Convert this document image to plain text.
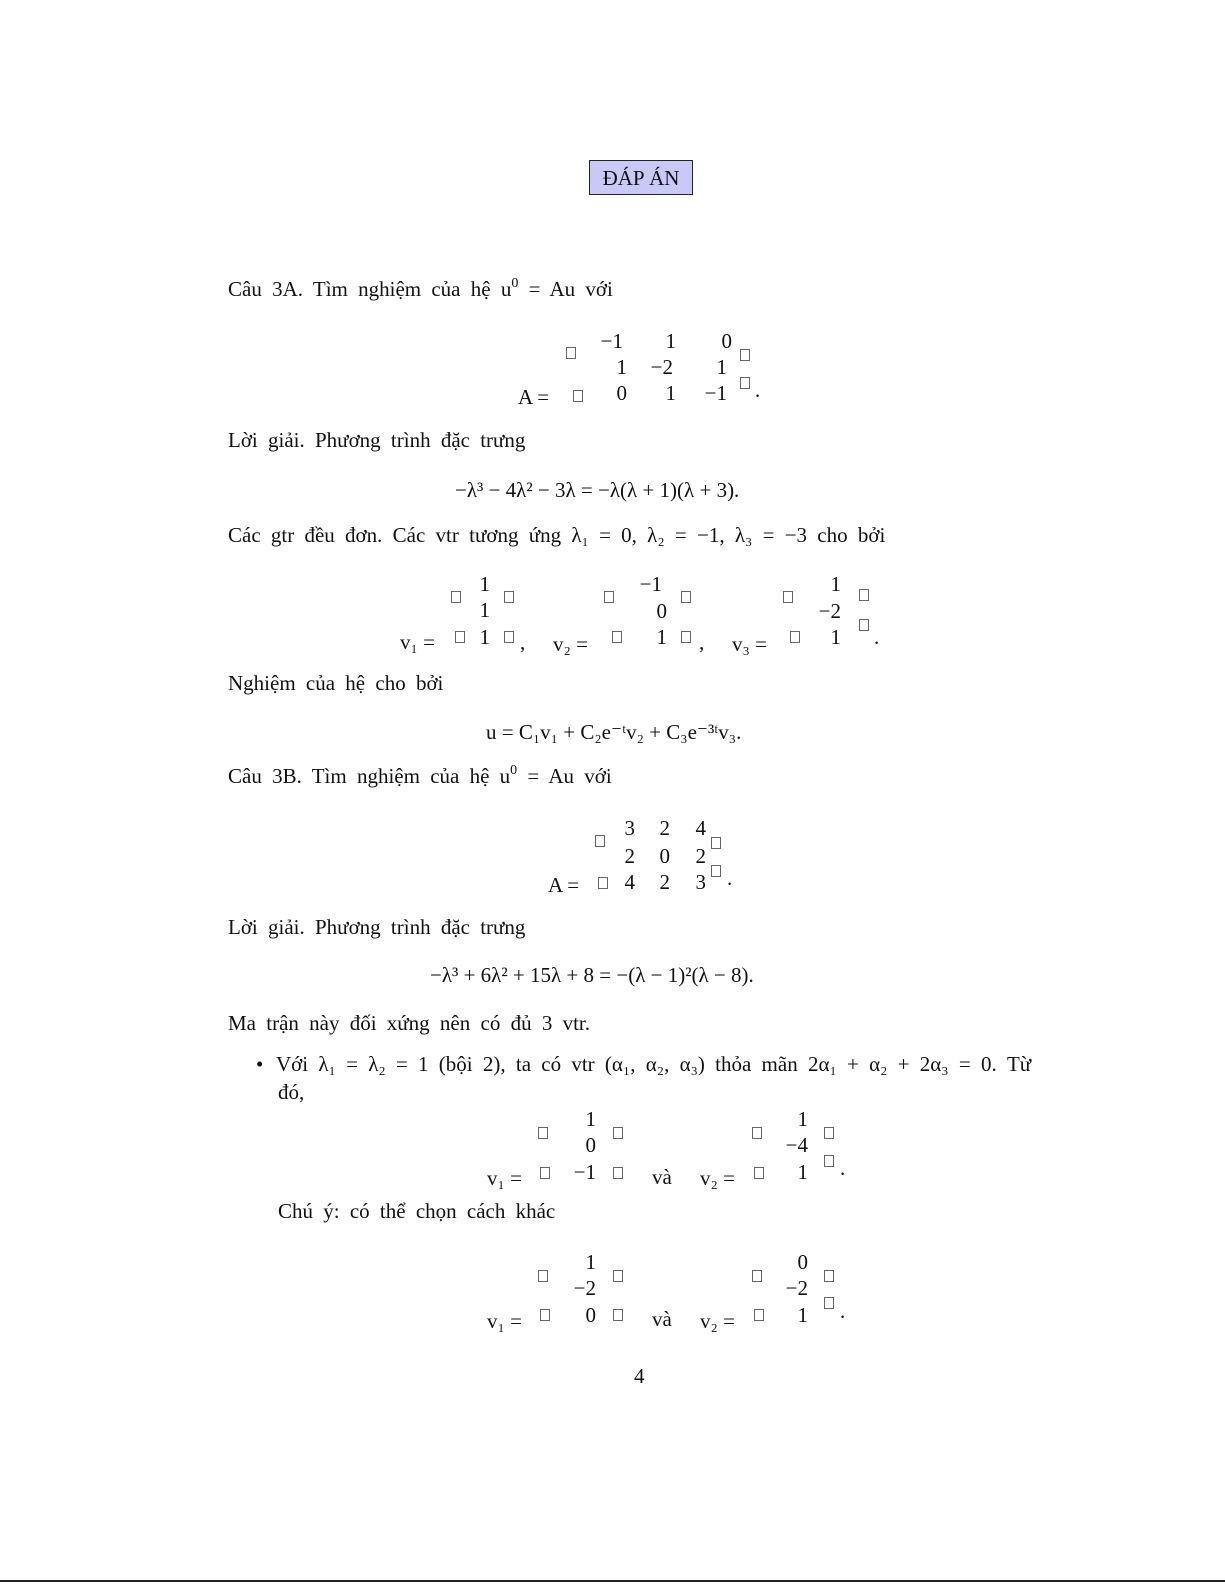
ĐÁP ÁN
Câu 3A. Tìm nghiệm của hệ $u^0 = Au$ với
A =
−1	1	0
1	−2	1
0	1	−1 .
Lời giải. Phương trình đặc trưng
−λ³ − 4λ² − 3λ = −λ(λ + 1)(λ + 3).
Các gtr đều đơn. Các vtr tương ứng λ₁ = 0, λ₂ = −1, λ₃ = −3 cho bởi
v₁ =
1
1
1 , v₂ =
−1
0
1 , v₃ =
1
−2
1 .
Nghiệm của hệ cho bởi
u = C₁v₁ + C₂e⁻ᵗv₂ + C₃e⁻³ᵗv₃.
Câu 3B. Tìm nghiệm của hệ $u^0 = Au$ với
A =
3	2	4
2	0	2
4	2	3 .
Lời giải. Phương trình đặc trưng
−λ³ + 6λ² + 15λ + 8 = −(λ − 1)²(λ − 8).
Ma trận này đối xứng nên có đủ 3 vtr.
• Với λ₁ = λ₂ = 1 (bội 2), ta có vtr (α₁, α₂, α₃) thỏa mãn 2α₁ + α₂ + 2α₃ = 0. Từ
đó,
v₁ =
1
0
−1	và v₂ =
1
−4
1 .
Chú ý: có thể chọn cách khác
v₁ =
1
−2
0	và v₂ =
0
−2
1 .
4
